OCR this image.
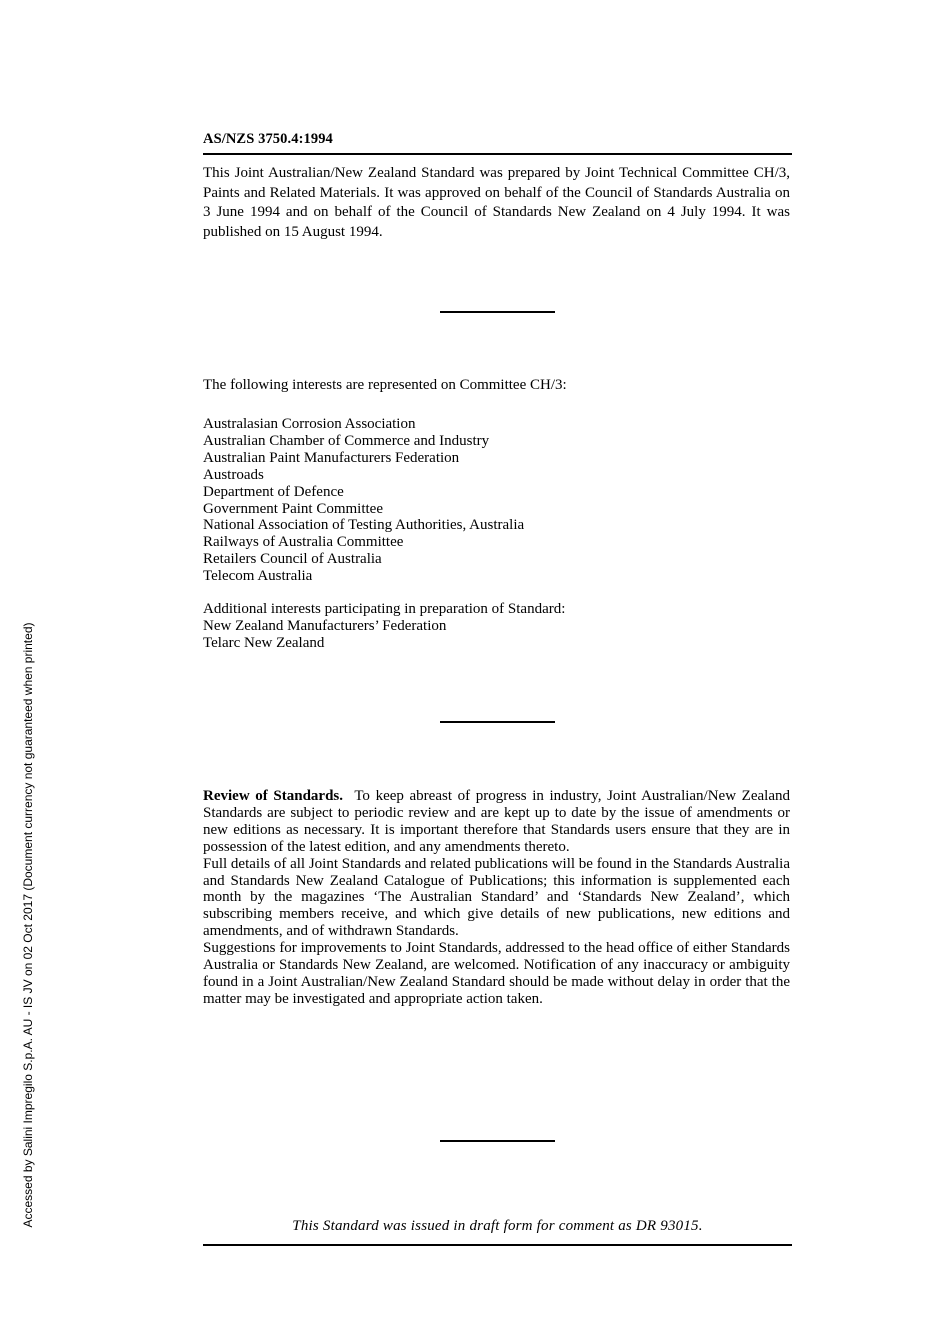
Accessed by Salini Impregilo S.p.A. AU - IS JV on 02 Oct 2017 (Document currency not guaranteed when printed)
AS/NZS 3750.4:1994
This Joint Australian/New Zealand Standard was prepared by Joint Technical Committee CH/3, Paints and Related Materials. It was approved on behalf of the Council of Standards Australia on 3 June 1994 and on behalf of the Council of Standards New Zealand on 4 July 1994. It was published on 15 August 1994.
The following interests are represented on Committee CH/3:
Australasian Corrosion Association
Australian Chamber of Commerce and Industry
Australian Paint Manufacturers Federation
Austroads
Department of Defence
Government Paint Committee
National Association of Testing Authorities, Australia
Railways of Australia Committee
Retailers Council of Australia
Telecom Australia
Additional interests participating in preparation of Standard:
New Zealand Manufacturers’ Federation
Telarc New Zealand

Review of Standards. To keep abreast of progress in industry, Joint Australian/New Zealand Standards are subject to periodic review and are kept up to date by the issue of amendments or new editions as necessary. It is important therefore that Standards users ensure that they are in possession of the latest edition, and any amendments thereto.

Full details of all Joint Standards and related publications will be found in the Standards Australia and Standards New Zealand Catalogue of Publications; this information is supplemented each month by the magazines ‘The Australian Standard’ and ‘Standards New Zealand’, which subscribing members receive, and which give details of new publications, new editions and amendments, and of withdrawn Standards.

Suggestions for improvements to Joint Standards, addressed to the head office of either Standards Australia or Standards New Zealand, are welcomed. Notification of any inaccuracy or ambiguity found in a Joint Australian/New Zealand Standard should be made without delay in order that the matter may be investigated and appropriate action taken.

This Standard was issued in draft form for comment as DR 93015.
